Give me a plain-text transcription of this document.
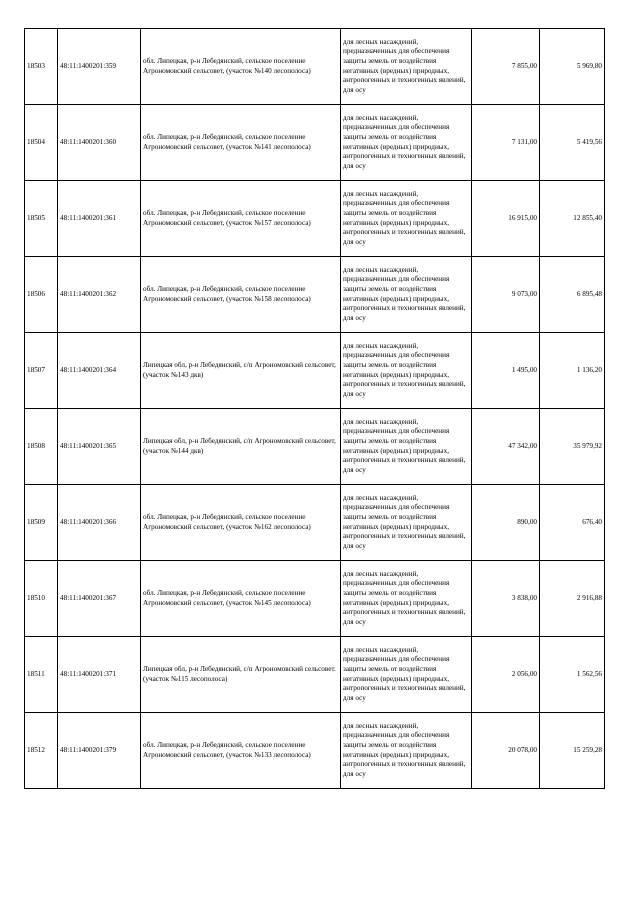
18503	48:11:1400201:359	обл. Липецкая, р-н Лебедянский, сельское поселение Агрономовский сельсовет, (участок №140 лесополоса)	для лесных насаждений, предназначенных для обеспечения защиты земель от воздействия негативных (вредных) природных, антропогенных и техногенных явлений, для осу	7 855,00	5 969,80
18504	48:11:1400201:360	обл. Липецкая, р-н Лебедянский, сельское поселение Агрономовский сельсовет, (участок №141 лесополоса)	для лесных насаждений, предназначенных для обеспечения защиты земель от воздействия негативных (вредных) природных, антропогенных и техногенных явлений, для осу	7 131,00	5 419,56
18505	48:11:1400201:361	обл. Липецкая, р-н Лебедянский, сельское поселение Агрономовский сельсовет, (участок №157 лесополоса)	для лесных насаждений, предназначенных для обеспечения защиты земель от воздействия негативных (вредных) природных, антропогенных и техногенных явлений, для осу	16 915,00	12 855,40
18506	48:11:1400201:362	обл. Липецкая, р-н Лебедянский, сельское поселение Агрономовский сельсовет, (участок №158 лесополоса)	для лесных насаждений, предназначенных для обеспечения защиты земель от воздействия негативных (вредных) природных, антропогенных и техногенных явлений, для осу	9 073,00	6 895,48
18507	48:11:1400201:364	Липецкая обл, р-н Лебедянский, с/п Агрономовский сельсовет, (участок №143 дкв)	для лесных насаждений, предназначенных для обеспечения защиты земель от воздействия негативных (вредных) природных, антропогенных и техногенных явлений, для осу	1 495,00	1 136,20
18508	48:11:1400201:365	Липецкая обл, р-н Лебедянский, с/п Агрономовский сельсовет, (участок №144 дкв)	для лесных насаждений, предназначенных для обеспечения защиты земель от воздействия негативных (вредных) природных, антропогенных и техногенных явлений, для осу	47 342,00	35 979,92
18509	48:11:1400201:366	обл. Липецкая, р-н Лебедянский, сельское поселение Агрономовский сельсовет, (участок №162 лесополоса)	для лесных насаждений, предназначенных для обеспечения защиты земель от воздействия негативных (вредных) природных, антропогенных и техногенных явлений, для осу	890,00	676,40
18510	48:11:1400201:367	обл. Липецкая, р-н Лебедянский, сельское поселение Агрономовский сельсовет, (участок №145 лесополоса)	для лесных насаждений, предназначенных для обеспечения защиты земель от воздействия негативных (вредных) природных, антропогенных и техногенных явлений, для осу	3 838,00	2 916,88
18511	48:11:1400201:371	Липецкая обл, р-н Лебедянский, с/п Агрономовский сельсовет. (участок №115 лесополоса)	для лесных насаждений, предназначенных для обеспечения защиты земель от воздействия негативных (вредных) природных, антропогенных и техногенных явлений, для осу	2 056,00	1 562,56
18512	48:11:1400201:379	обл. Липецкая, р-н Лебедянский, сельское поселение Агрономовский сельсовет, (участок №133 лесополоса)	для лесных насаждений, предназначенных для обеспечения защиты земель от воздействия негативных (вредных) природных, антропогенных и техногенных явлений, для осу	20 078,00	15 259,28
